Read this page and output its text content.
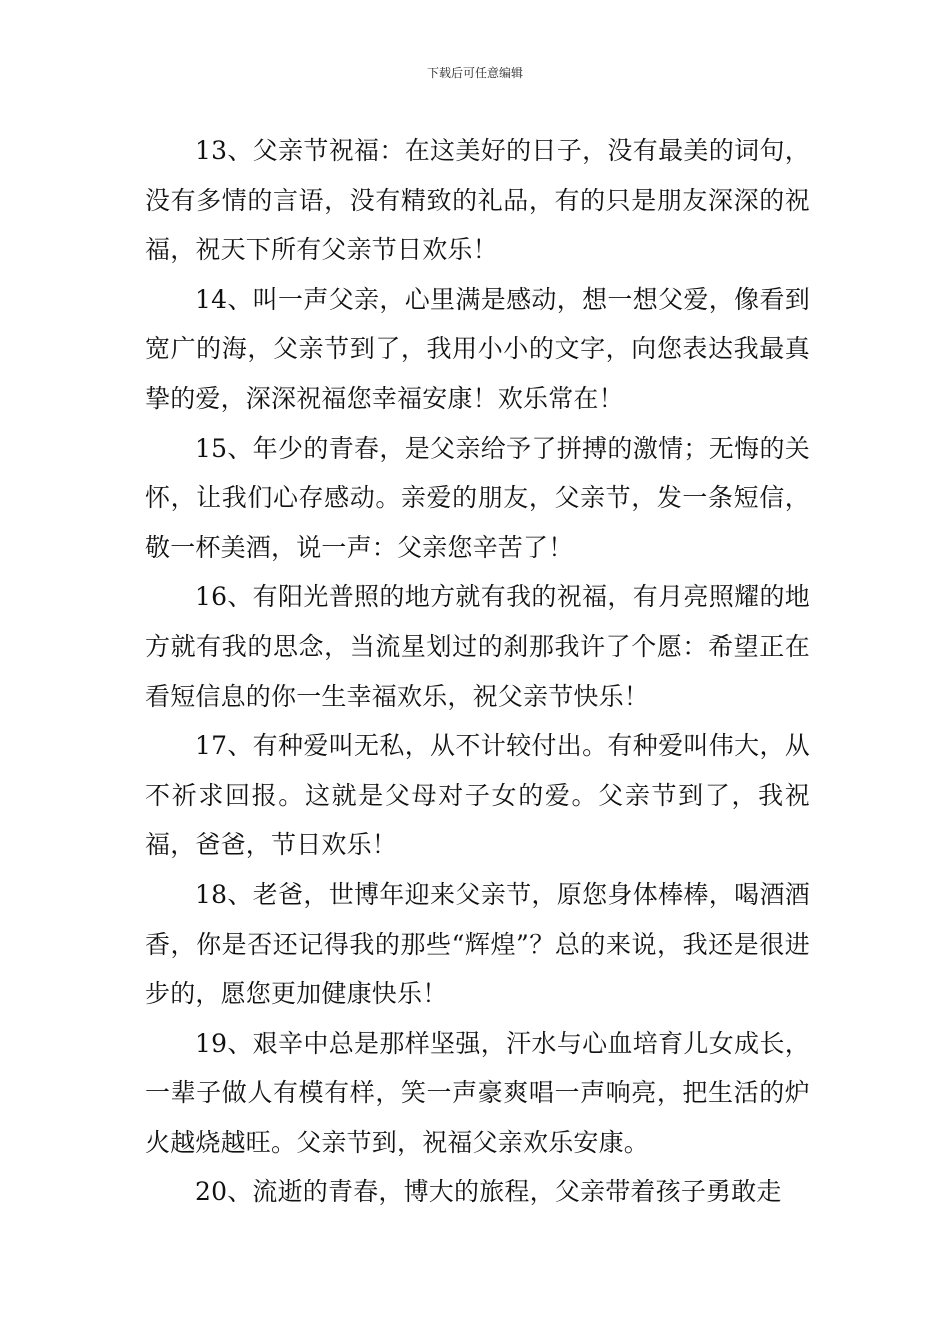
下载后可任意编辑

13、父亲节祝福：在这美好的日子，没有最美的词句，没有多情的言语，没有精致的礼品，有的只是朋友深深的祝福，祝天下所有父亲节日欢乐！

14、叫一声父亲，心里满是感动，想一想父爱，像看到宽广的海，父亲节到了，我用小小的文字，向您表达我最真挚的爱，深深祝福您幸福安康！欢乐常在！

15、年少的青春，是父亲给予了拼搏的激情；无悔的关怀，让我们心存感动。亲爱的朋友，父亲节，发一条短信，敬一杯美酒，说一声：父亲您辛苦了！

16、有阳光普照的地方就有我的祝福，有月亮照耀的地方就有我的思念，当流星划过的刹那我许了个愿：希望正在看短信息的你一生幸福欢乐，祝父亲节快乐！

17、有种爱叫无私，从不计较付出。有种爱叫伟大，从不祈求回报。这就是父母对子女的爱。父亲节到了，我祝福，爸爸，节日欢乐！

18、老爸，世博年迎来父亲节，原您身体棒棒，喝酒酒香，你是否还记得我的那些“辉煌”？总的来说，我还是很进步的，愿您更加健康快乐！

19、艰辛中总是那样坚强，汗水与心血培育儿女成长，一辈子做人有模有样，笑一声豪爽唱一声响亮，把生活的炉火越烧越旺。父亲节到，祝福父亲欢乐安康。

20、流逝的青春，博大的旅程，父亲带着孩子勇敢走
